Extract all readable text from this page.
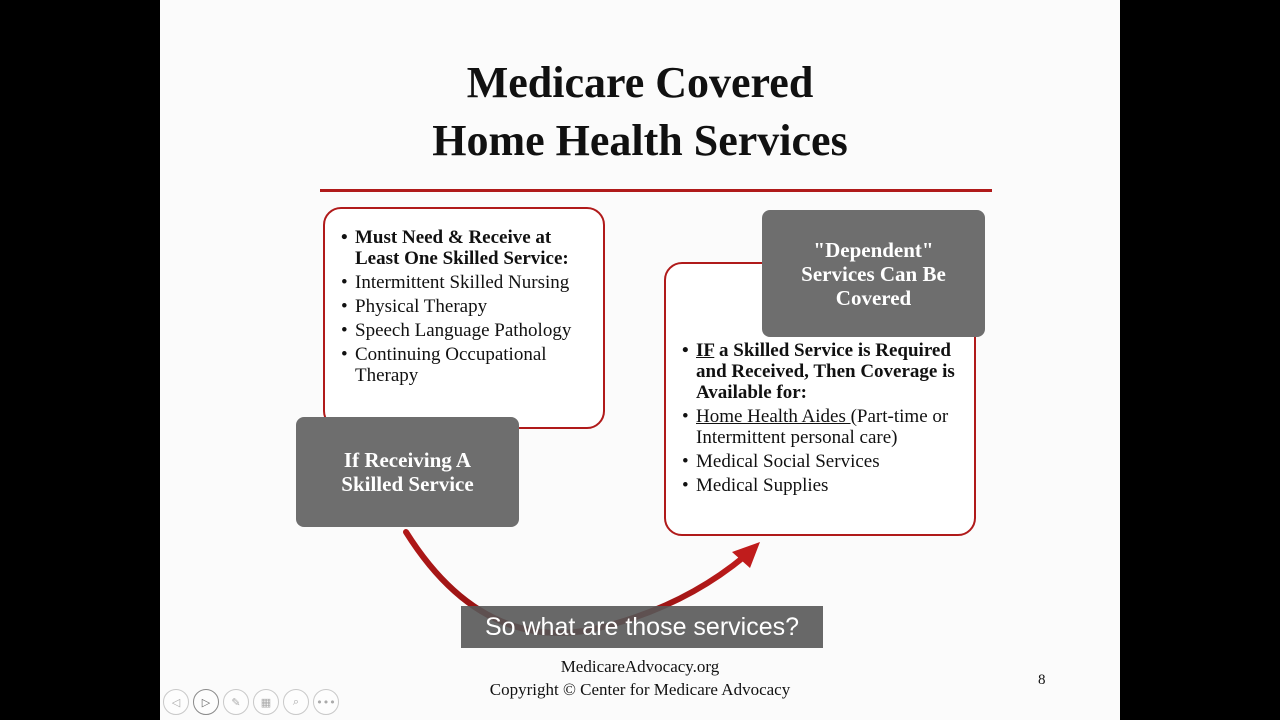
Medicare Covered
Home Health Services
• Must Need & Receive at Least One Skilled Service:
• Intermittent Skilled Nursing
• Physical Therapy
• Speech Language Pathology
• Continuing Occupational Therapy
• IF a Skilled Service is Required and Received, Then Coverage is Available for:
• Home Health Aides (Part-time or Intermittent personal care)
• Medical Social Services
• Medical Supplies
If Receiving A
Skilled Service
"Dependent"
Services Can Be
Covered
So what are those services?
MedicareAdvocacy.org
Copyright © Center for Medicare Advocacy	8
◁ ▷ ✎ ▦ ⌕ •••
